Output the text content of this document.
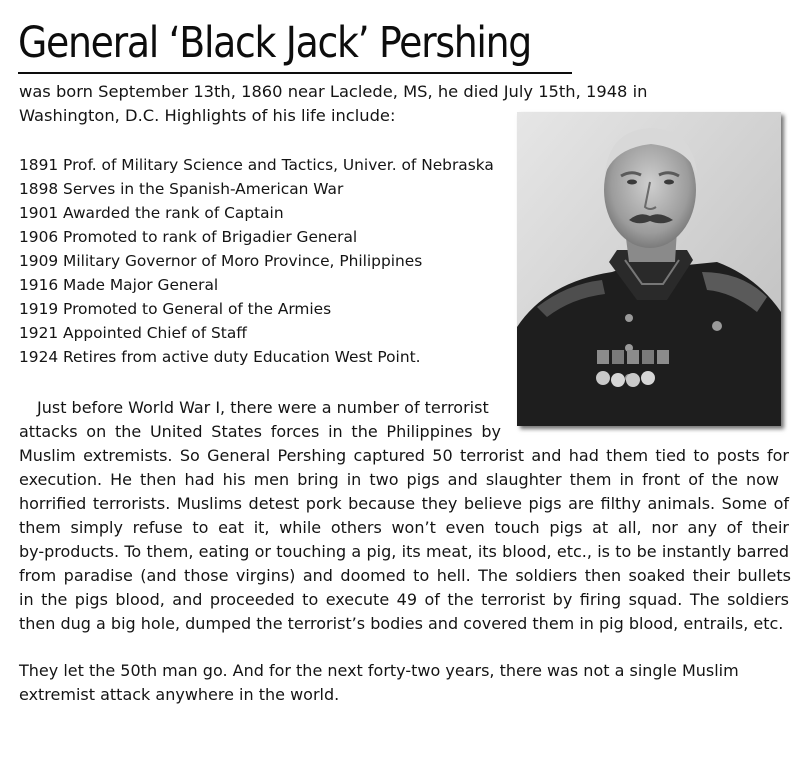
General ‘Black Jack’ Pershing

was born September 13th, 1860 near Laclede, MS, he died July 15th, 1948 in
Washington, D.C. Highlights of his life include:

1891 Prof. of Military Science and Tactics, Univer. of Nebraska
1898 Serves in the Spanish-American War
1901 Awarded the rank of Captain
1906 Promoted to rank of Brigadier General
1909 Military Governor of Moro Province, Philippines
1916 Made Major General
1919 Promoted to General of the Armies
1921 Appointed Chief of Staff
1924 Retires from active duty Education West Point.
Just before World War I, there were a number of terrorist
attacks on the United States forces in the Philippines by
Muslim extremists. So General Pershing captured 50 terrorist and had them tied to posts for
execution. He then had his men bring in two pigs and slaughter them in front of the now
horrified terrorists. Muslims detest pork because they believe pigs are filthy animals. Some of
them simply refuse to eat it, while others won’t even touch pigs at all, nor any of their
by-products. To them, eating or touching a pig, its meat, its blood, etc., is to be instantly barred
from paradise (and those virgins) and doomed to hell. The soldiers then soaked their bullets
in the pigs blood, and proceeded to execute 49 of the terrorist by firing squad. The soldiers
then dug a big hole, dumped the terrorist’s bodies and covered them in pig blood, entrails, etc.

They let the 50th man go. And for the next forty-two years, there was not a single Muslim
extremist attack anywhere in the world.
